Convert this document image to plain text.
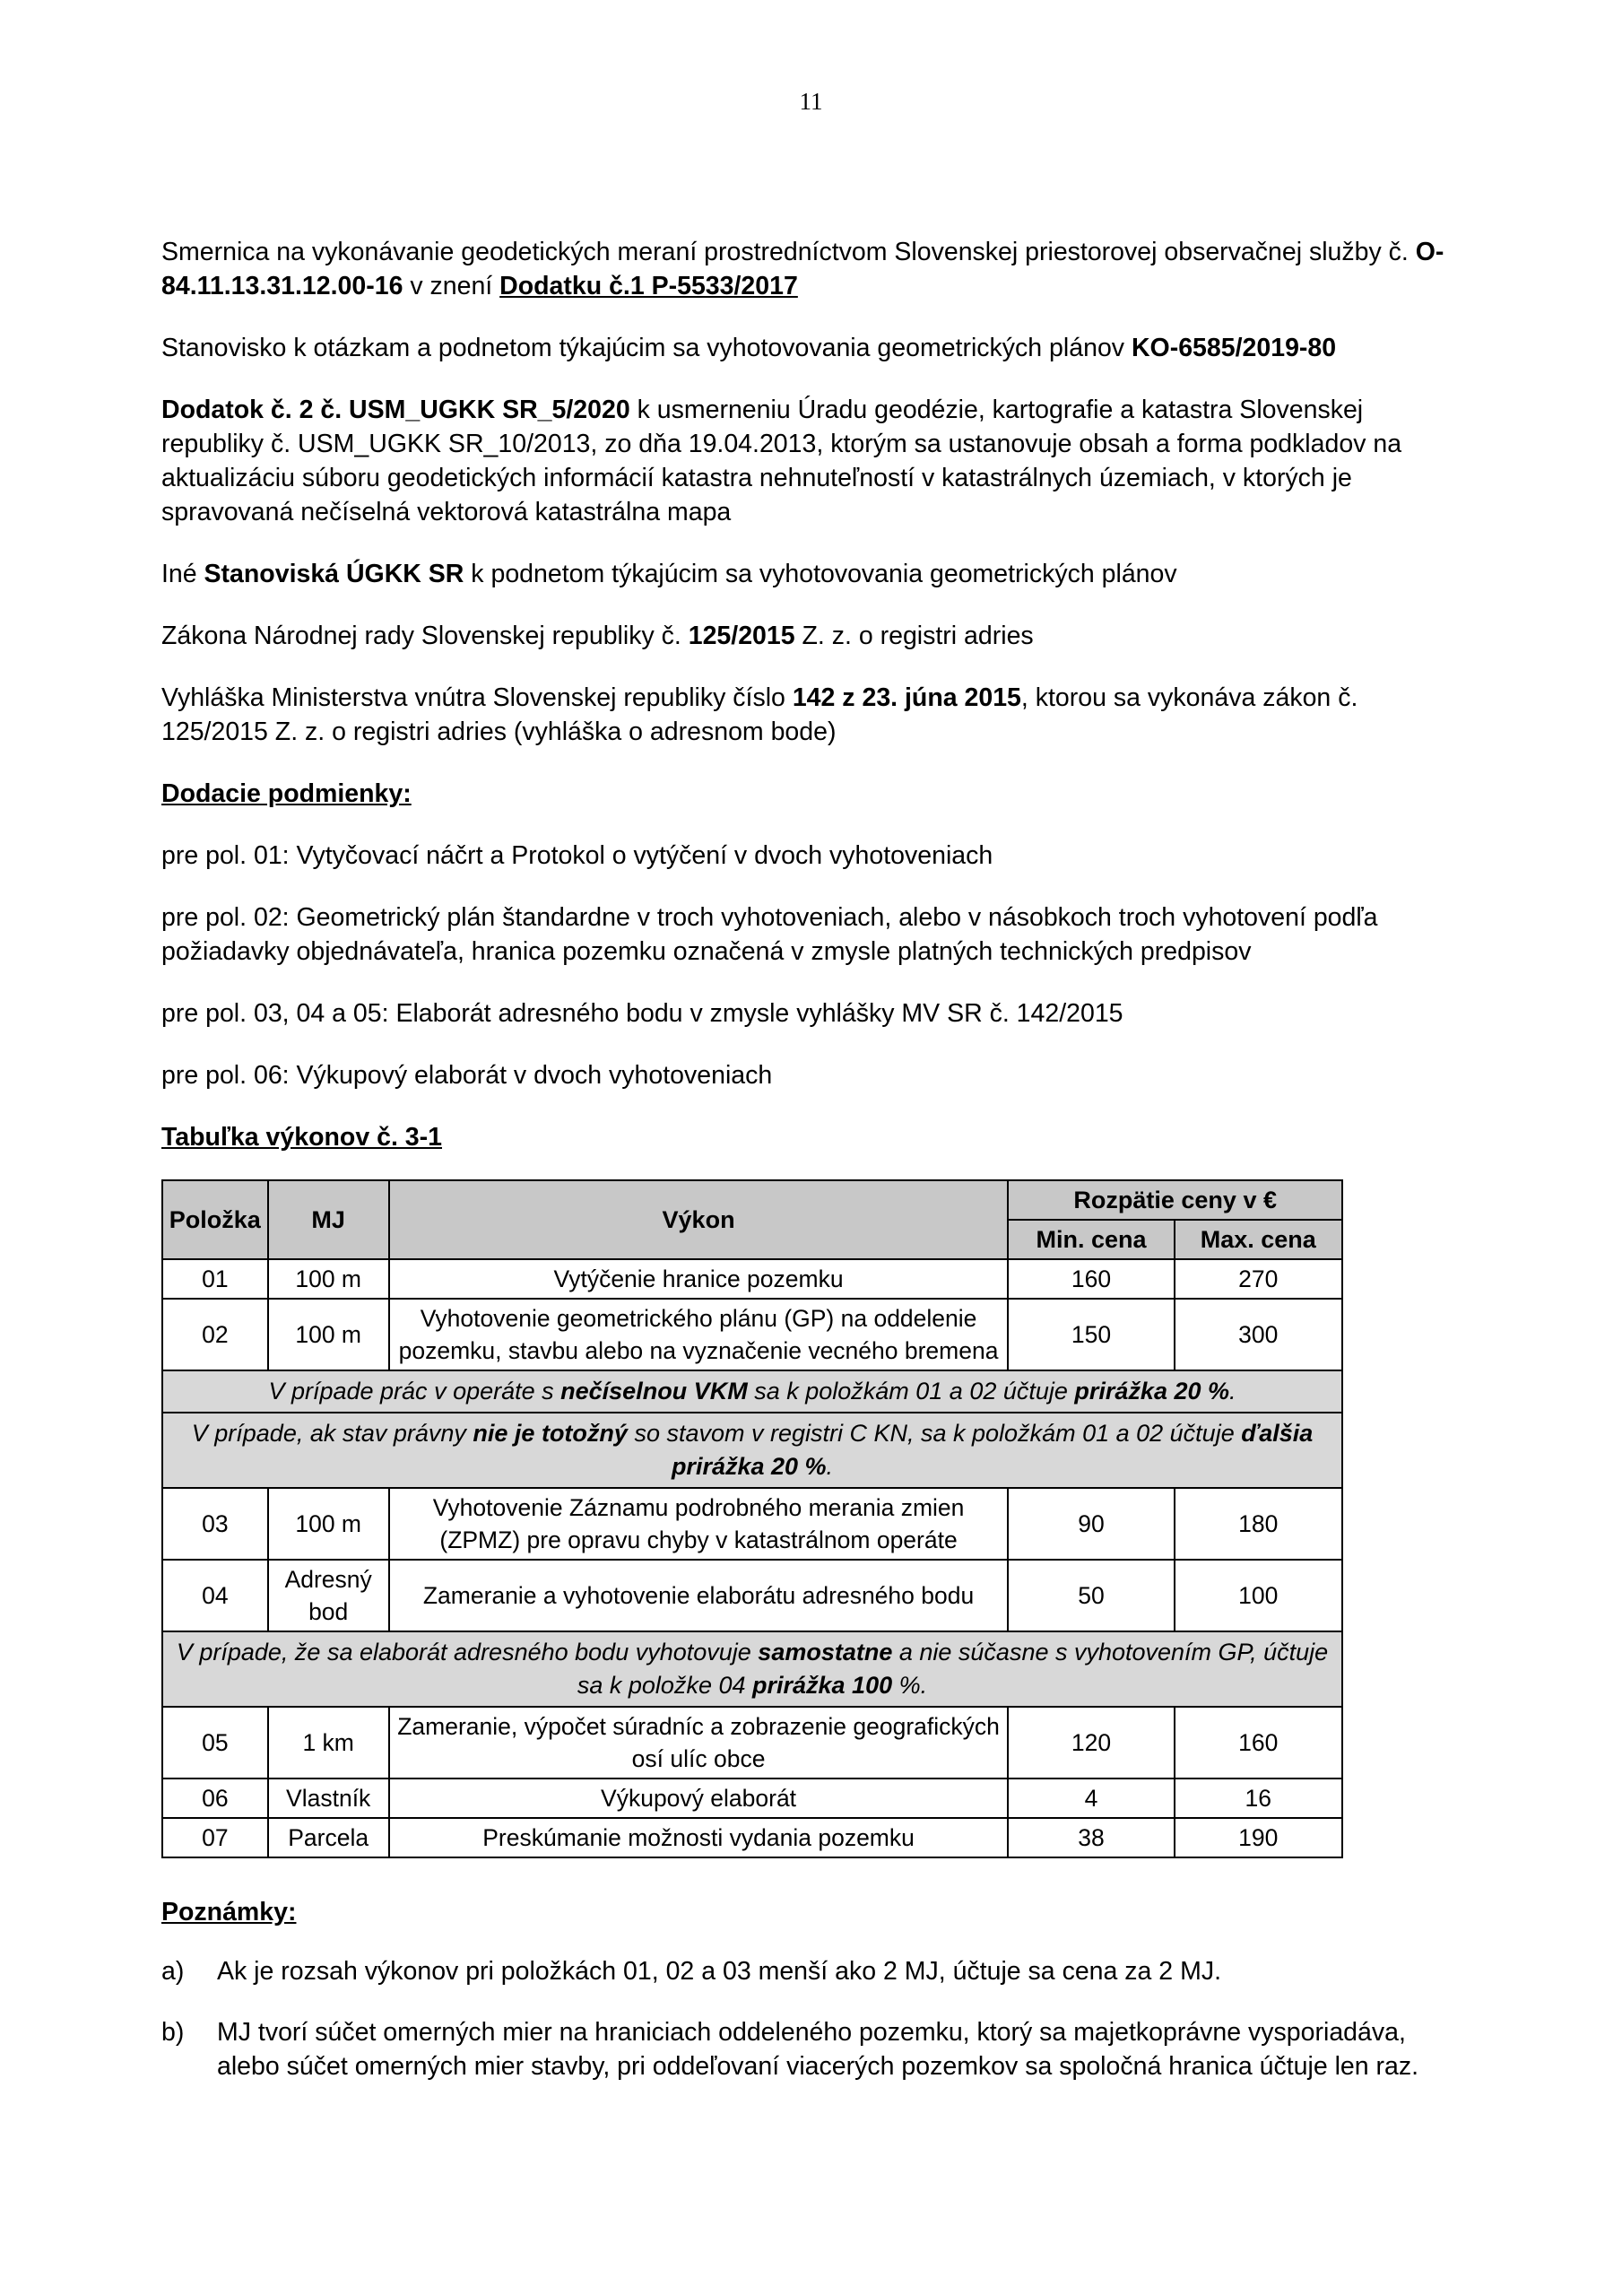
11

Smernica na vykonávanie geodetických meraní prostredníctvom Slovenskej priestorovej observačnej služby č. O-84.11.13.31.12.00-16 v znení Dodatku č.1 P-5533/2017

Stanovisko k otázkam a podnetom týkajúcim sa vyhotovovania geometrických plánov KO-6585/2019-80

Dodatok č. 2 č. USM_UGKK SR_5/2020 k usmerneniu Úradu geodézie, kartografie a katastra Slovenskej republiky č. USM_UGKK SR_10/2013, zo dňa 19.04.2013, ktorým sa ustanovuje obsah a forma podkladov na aktualizáciu súboru geodetických informácií katastra nehnuteľností v katastrálnych územiach, v ktorých je spravovaná nečíselná vektorová katastrálna mapa

Iné Stanoviská ÚGKK SR k podnetom týkajúcim sa vyhotovovania geometrických plánov

Zákona Národnej rady Slovenskej republiky č. 125/2015 Z. z. o registri adries

Vyhláška Ministerstva vnútra Slovenskej republiky číslo 142 z 23. júna 2015, ktorou sa vykonáva zákon č. 125/2015 Z. z. o registri adries (vyhláška o adresnom bode)

Dodacie podmienky:

pre pol. 01: Vytyčovací náčrt a Protokol o vytýčení v dvoch vyhotoveniach

pre pol. 02: Geometrický plán štandardne v troch vyhotoveniach, alebo v násobkoch troch vyhotovení podľa požiadavky objednávateľa, hranica pozemku označená v zmysle platných technických predpisov

pre pol. 03, 04 a 05: Elaborát adresného bodu v zmysle vyhlášky MV SR č. 142/2015

pre pol. 06: Výkupový elaborát v dvoch vyhotoveniach

Tabuľka výkonov č. 3-1

Položka	MJ	Výkon	Rozpätie ceny v €	
			Min. cena	Max. cena
01	100 m	Vytýčenie hranice pozemku	160	270
02	100 m	Vyhotovenie geometrického plánu (GP) na oddelenie pozemku, stavbu alebo na vyznačenie vecného bremena	150	300
V prípade prác v operáte s nečíselnou VKM sa k položkám 01 a 02 účtuje prirážka 20 %.				
V prípade, ak stav právny nie je totožný so stavom v registri C KN, sa k položkám 01 a 02 účtuje ďalšia prirážka 20 %.				
03	100 m	Vyhotovenie Záznamu podrobného merania zmien (ZPMZ) pre opravu chyby v katastrálnom operáte	90	180
04	Adresný bod	Zameranie a vyhotovenie elaborátu adresného bodu	50	100
V prípade, že sa elaborát adresného bodu vyhotovuje samostatne a nie súčasne s vyhotovením GP, účtuje sa k položke 04 prirážka 100 %.				
05	1 km	Zameranie, výpočet súradníc a zobrazenie geografických osí ulíc obce	120	160
06	Vlastník	Výkupový elaborát	4	16
07	Parcela	Preskúmanie možnosti vydania pozemku	38	190

Poznámky:

a) Ak je rozsah výkonov pri položkách 01, 02 a 03 menší ako 2 MJ, účtuje sa cena za 2 MJ.
b) MJ tvorí súčet omerných mier na hraniciach oddeleného pozemku, ktorý sa majetkoprávne vysporiadáva, alebo súčet omerných mier stavby, pri oddeľovaní viacerých pozemkov sa spoločná hranica účtuje len raz.
